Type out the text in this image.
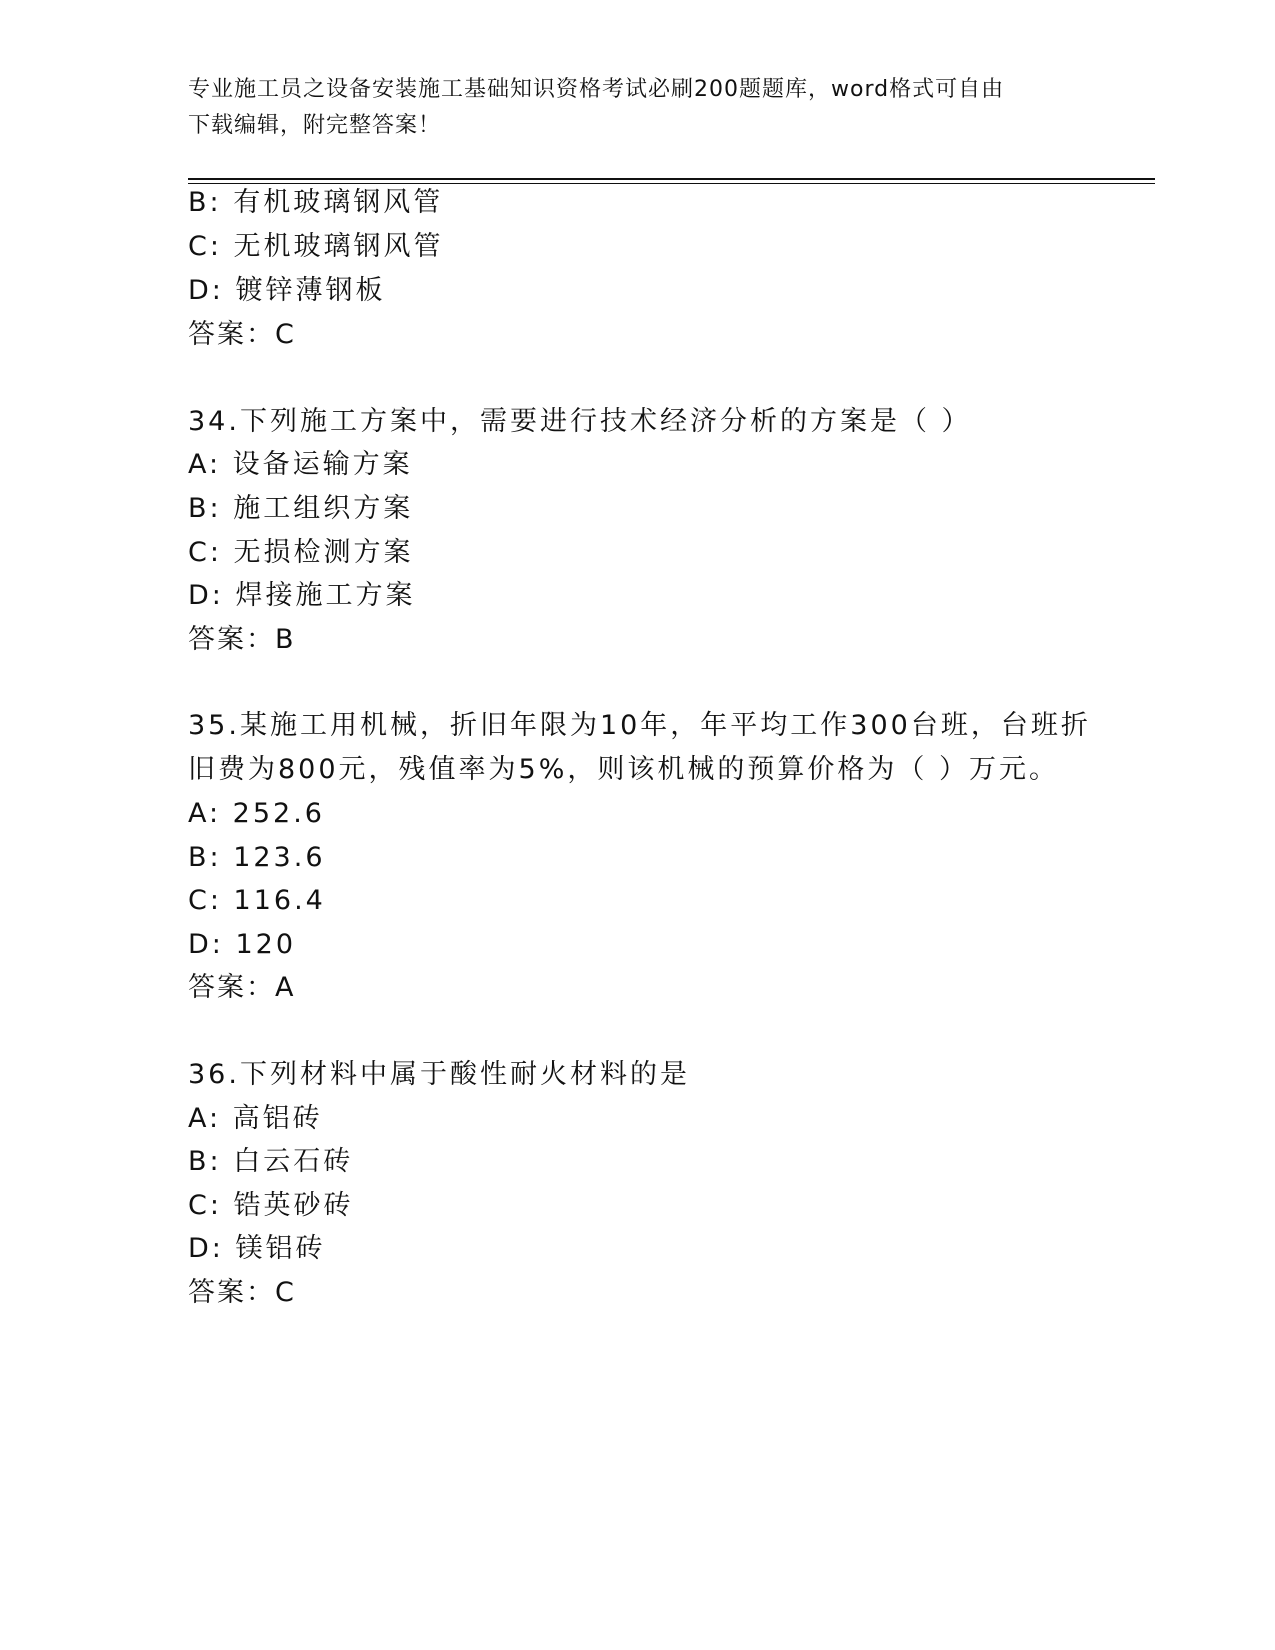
专业施工员之设备安装施工基础知识资格考试必刷200题题库，word格式可自由
下载编辑，附完整答案！
B: 有机玻璃钢风管
C: 无机玻璃钢风管
D: 镀锌薄钢板
答案：C
34.下列施工方案中，需要进行技术经济分析的方案是（ ）
A: 设备运输方案
B: 施工组织方案
C: 无损检测方案
D: 焊接施工方案
答案：B
35.某施工用机械，折旧年限为10年，年平均工作300台班，台班折
旧费为800元，残值率为5%，则该机械的预算价格为（ ）万元。
A: 252.6
B: 123.6
C: 116.4
D: 120
答案：A
36.下列材料中属于酸性耐火材料的是
A: 高铝砖
B: 白云石砖
C: 锆英砂砖
D: 镁铝砖
答案：C
